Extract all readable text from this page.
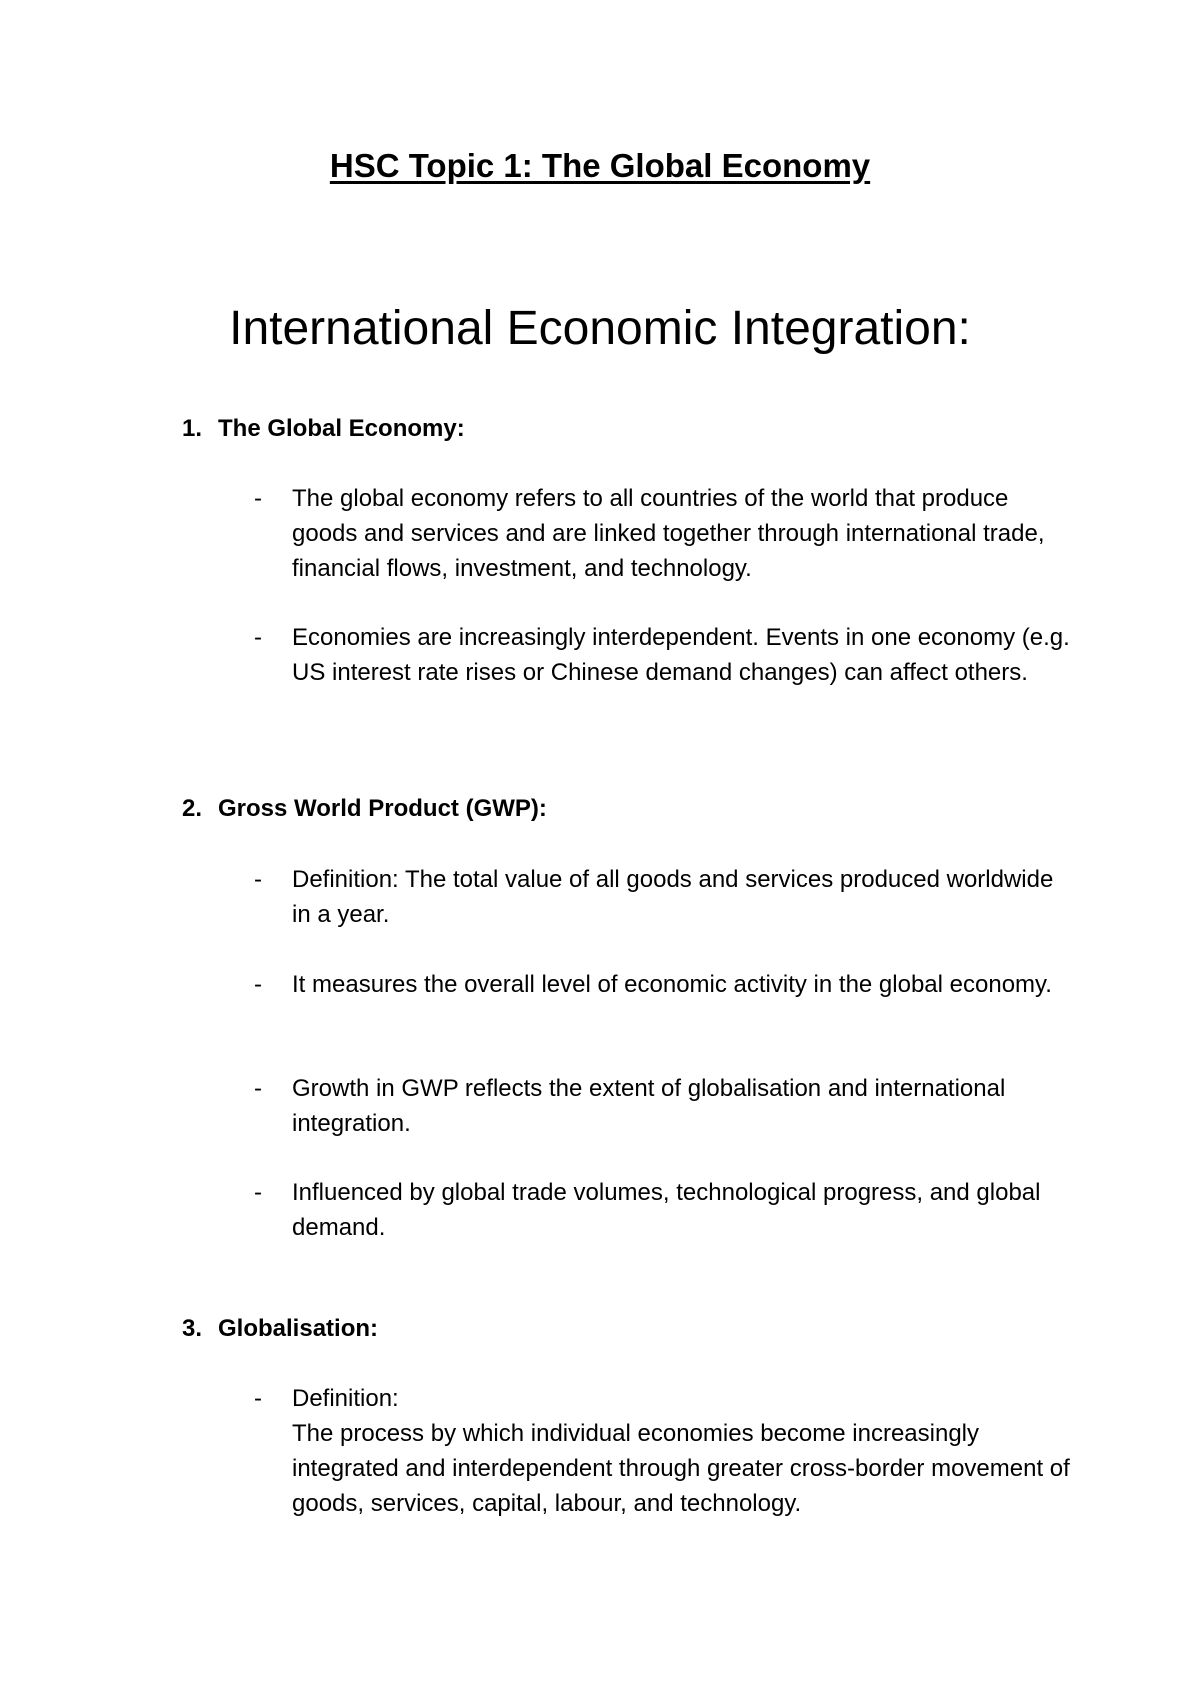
HSC Topic 1: The Global Economy
International Economic Integration:
1. The Global Economy:
-	The global economy refers to all countries of the world that produce goods and services and are linked together through international trade, financial flows, investment, and technology.
-	Economies are increasingly interdependent. Events in one economy (e.g. US interest rate rises or Chinese demand changes) can affect others.
2. Gross World Product (GWP):
-	Definition: The total value of all goods and services produced worldwide in a year.
-	It measures the overall level of economic activity in the global economy.
-	Growth in GWP reflects the extent of globalisation and international integration.
-	Influenced by global trade volumes, technological progress, and global demand.
3. Globalisation:
-	Definition:
The process by which individual economies become increasingly integrated and interdependent through greater cross-border movement of goods, services, capital, labour, and technology.
